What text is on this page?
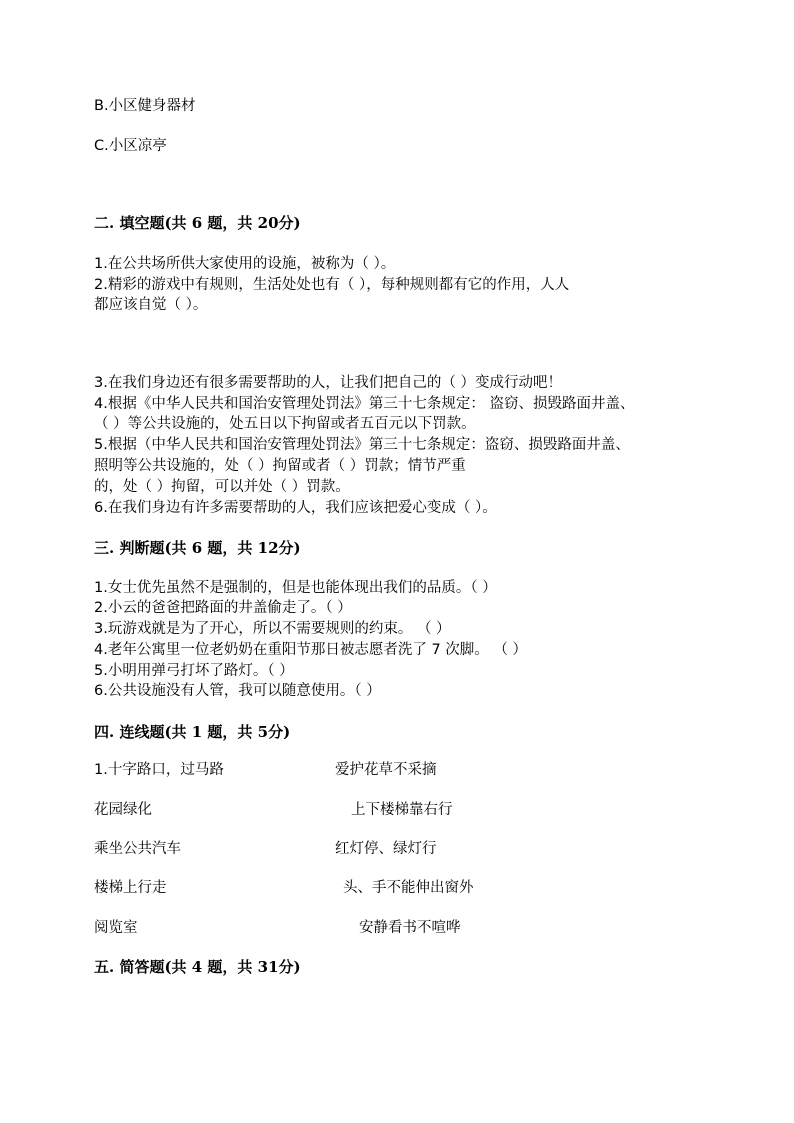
B.小区健身器材

C.小区凉亭

二. 填空题(共 6 题，共 20分)

1.在公共场所供大家使用的设施，被称为（ ）。

2.精彩的游戏中有规则，生活处处也有（ ），每种规则都有它的作用，人人

都应该自觉（ ）。

3.在我们身边还有很多需要帮助的人，让我们把自己的（ ）变成行动吧！

4.根据《中华人民共和国治安管理处罚法》第三十七条规定： 盗窃、损毁路面井盖、

（ ）等公共设施的，处五日以下拘留或者五百元以下罚款。

5.根据（中华人民共和国治安管理处罚法》第三十七条规定：盗窃、损毁路面井盖、

照明等公共设施的，处（ ）拘留或者（ ）罚款；情节严重

的，处（ ）拘留，可以并处（ ）罚款。

6.在我们身边有许多需要帮助的人，我们应该把爱心变成（ ）。

三. 判断题(共 6 题，共 12分)

1.女士优先虽然不是强制的，但是也能体现出我们的品质。（ ）

2.小云的爸爸把路面的井盖偷走了。（ ）

3.玩游戏就是为了开心，所以不需要规则的约束。 （ ）

4.老年公寓里一位老奶奶在重阳节那日被志愿者洗了 7 次脚。 （ ）

5.小明用弹弓打坏了路灯。（ ）

6.公共设施没有人管，我可以随意使用。（ ）

四. 连线题(共 1 题，共 5分)

1.十字路口，过马路	爱护花草不采摘

花园绿化	上下楼梯靠右行

乘坐公共汽车	红灯停、绿灯行

楼梯上行走	头、手不能伸出窗外

阅览室	安静看书不喧哗

五. 简答题(共 4 题，共 31分)
